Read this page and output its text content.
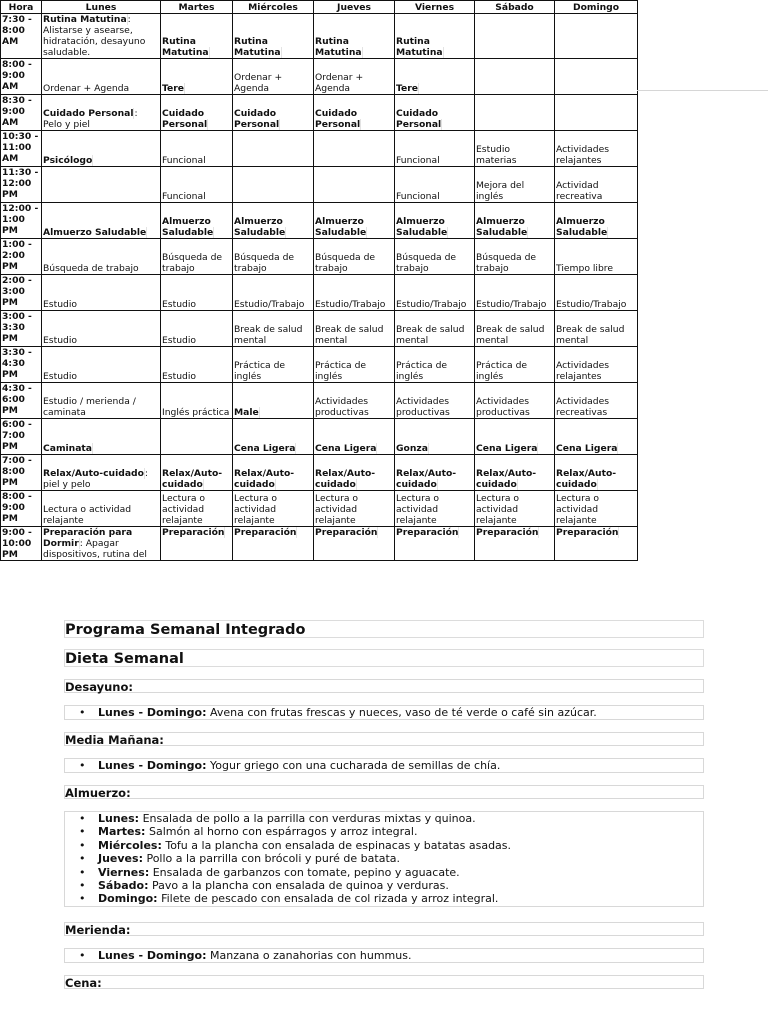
Hora	Lunes	Martes	Miércoles	Jueves	Viernes	Sábado	Domingo
7:30 - 8:00 AM	Rutina Matutina: Alistarse y asearse, hidratación, desayuno saludable.	Rutina Matutina	Rutina Matutina	Rutina Matutina	Rutina Matutina		
8:00 - 9:00 AM	Ordenar + Agenda	Tere	Ordenar + Agenda	Ordenar + Agenda	Tere		
8:30 - 9:00 AM	Cuidado Personal: Pelo y piel	Cuidado Personal	Cuidado Personal	Cuidado Personal	Cuidado Personal		
10:30 - 11:00 AM	Psicólogo	Funcional			Funcional	Estudio materias	Actividades relajantes
11:30 - 12:00 PM		Funcional			Funcional	Mejora del inglés	Actividad recreativa
12:00 - 1:00 PM	Almuerzo Saludable	Almuerzo Saludable	Almuerzo Saludable	Almuerzo Saludable	Almuerzo Saludable	Almuerzo Saludable	Almuerzo Saludable
1:00 - 2:00 PM	Búsqueda de trabajo	Búsqueda de trabajo	Búsqueda de trabajo	Búsqueda de trabajo	Búsqueda de trabajo	Búsqueda de trabajo	Tiempo libre
2:00 - 3:00 PM	Estudio	Estudio	Estudio/Trabajo	Estudio/Trabajo	Estudio/Trabajo	Estudio/Trabajo	Estudio/Trabajo
3:00 - 3:30 PM	Estudio	Estudio	Break de salud mental	Break de salud mental	Break de salud mental	Break de salud mental	Break de salud mental
3:30 - 4:30 PM	Estudio	Estudio	Práctica de inglés	Práctica de inglés	Práctica de inglés	Práctica de inglés	Actividades relajantes
4:30 - 6:00 PM	Estudio / merienda / caminata	Inglés práctica	Male	Actividades productivas	Actividades productivas	Actividades productivas	Actividades recreativas
6:00 - 7:00 PM	Caminata		Cena Ligera	Cena Ligera	Gonza	Cena Ligera	Cena Ligera
7:00 - 8:00 PM	Relax/Auto-cuidado: piel y pelo	Relax/Auto-cuidado	Relax/Auto-cuidado	Relax/Auto-cuidado	Relax/Auto-cuidado	Relax/Auto-cuidado	Relax/Auto-cuidado
8:00 - 9:00 PM	Lectura o actividad relajante	Lectura o actividad relajante	Lectura o actividad relajante	Lectura o actividad relajante	Lectura o actividad relajante	Lectura o actividad relajante	Lectura o actividad relajante
9:00 - 10:00 PM	Preparación para Dormir: Apagar dispositivos, rutina del	Preparación	Preparación	Preparación	Preparación	Preparación	Preparación
Programa Semanal Integrado
Dieta Semanal
Desayuno:
• Lunes - Domingo: Avena con frutas frescas y nueces, vaso de té verde o café sin azúcar.
Media Mañana:
• Lunes - Domingo: Yogur griego con una cucharada de semillas de chía.
Almuerzo:
• Lunes: Ensalada de pollo a la parrilla con verduras mixtas y quinoa.
• Martes: Salmón al horno con espárragos y arroz integral.
• Miércoles: Tofu a la plancha con ensalada de espinacas y batatas asadas.
• Jueves: Pollo a la parrilla con brócoli y puré de batata.
• Viernes: Ensalada de garbanzos con tomate, pepino y aguacate.
• Sábado: Pavo a la plancha con ensalada de quinoa y verduras.
• Domingo: Filete de pescado con ensalada de col rizada y arroz integral.
Merienda:
• Lunes - Domingo: Manzana o zanahorias con hummus.
Cena:
